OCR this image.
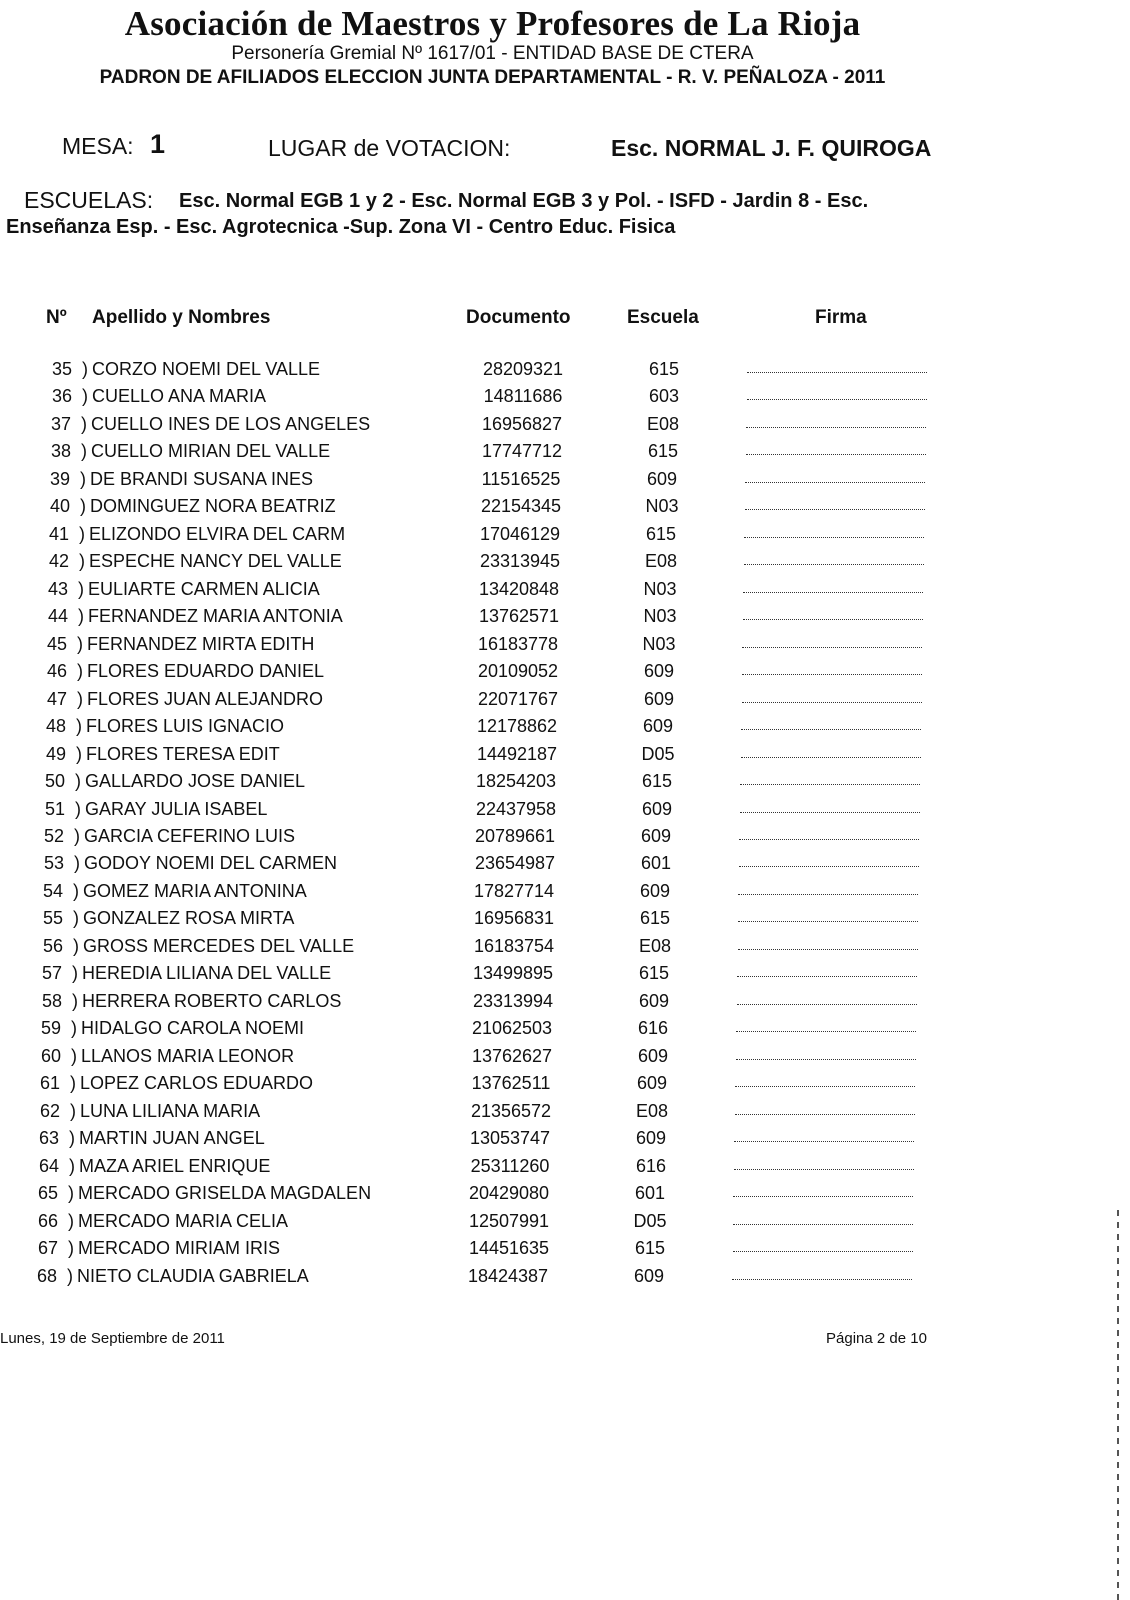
Asociación de Maestros y Profesores de La Rioja
Personería Gremial Nº 1617/01 - ENTIDAD BASE DE CTERA
PADRON DE AFILIADOS ELECCION JUNTA DEPARTAMENTAL - R. V. PEÑALOZA - 2011
MESA: 1	LUGAR de VOTACION:	Esc. NORMAL J. F. QUIROGA
ESCUELAS: Esc. Normal EGB 1 y 2 - Esc. Normal EGB 3 y Pol. - ISFD - Jardin 8 - Esc.
Enseñanza Esp. - Esc. Agrotecnica -Sup. Zona VI - Centro Educ. Fisica
Nº Apellido y Nombres	Documento	Escuela	Firma
35 ) CORZO NOEMI DEL VALLE	28209321	615
36 ) CUELLO ANA MARIA	14811686	603
37 ) CUELLO INES DE LOS ANGELES	16956827	E08
38 ) CUELLO MIRIAN DEL VALLE	17747712	615
39 ) DE BRANDI SUSANA INES	11516525	609
40 ) DOMINGUEZ NORA BEATRIZ	22154345	N03
41 ) ELIZONDO ELVIRA DEL CARM	17046129	615
42 ) ESPECHE NANCY DEL VALLE	23313945	E08
43 ) EULIARTE CARMEN ALICIA	13420848	N03
44 ) FERNANDEZ MARIA ANTONIA	13762571	N03
45 ) FERNANDEZ MIRTA EDITH	16183778	N03
46 ) FLORES EDUARDO DANIEL	20109052	609
47 ) FLORES JUAN ALEJANDRO	22071767	609
48 ) FLORES LUIS IGNACIO	12178862	609
49 ) FLORES TERESA EDIT	14492187	D05
50 ) GALLARDO JOSE DANIEL	18254203	615
51 ) GARAY JULIA ISABEL	22437958	609
52 ) GARCIA CEFERINO LUIS	20789661	609
53 ) GODOY NOEMI DEL CARMEN	23654987	601
54 ) GOMEZ MARIA ANTONINA	17827714	609
55 ) GONZALEZ ROSA MIRTA	16956831	615
56 ) GROSS MERCEDES DEL VALLE	16183754	E08
57 ) HEREDIA LILIANA DEL VALLE	13499895	615
58 ) HERRERA ROBERTO CARLOS	23313994	609
59 ) HIDALGO CAROLA NOEMI	21062503	616
60 ) LLANOS MARIA LEONOR	13762627	609
61 ) LOPEZ CARLOS EDUARDO	13762511	609
62 ) LUNA LILIANA MARIA	21356572	E08
63 ) MARTIN JUAN ANGEL	13053747	609
64 ) MAZA ARIEL ENRIQUE	25311260	616
65 ) MERCADO GRISELDA MAGDALEN	20429080	601
66 ) MERCADO MARIA CELIA	12507991	D05
67 ) MERCADO MIRIAM IRIS	14451635	615
68 ) NIETO CLAUDIA GABRIELA	18424387	609
Lunes, 19 de Septiembre de 2011	Página 2 de 10
